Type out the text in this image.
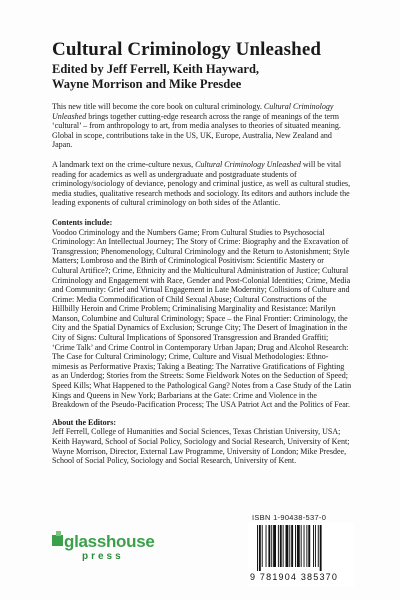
Cultural Criminology Unleashed

Edited by Jeff Ferrell, Keith Hayward,
Wayne Morrison and Mike Presdee

This new title will become the core book on cultural criminology. Cultural Criminology Unleashed brings together cutting-edge research across the range of meanings of the term ‘cultural’ – from anthropology to art, from media analyses to theories of situated meaning. Global in scope, contributions take in the US, UK, Europe, Australia, New Zealand and Japan.

A landmark text on the crime-culture nexus, Cultural Criminology Unleashed will be vital reading for academics as well as undergraduate and postgraduate students of criminology/sociology of deviance, penology and criminal justice, as well as cultural studies, media studies, qualitative research methods and sociology. Its editors and authors include the leading exponents of cultural criminology on both sides of the Atlantic.

Contents include:

Voodoo Criminology and the Numbers Game; From Cultural Studies to Psychosocial Criminology: An Intellectual Journey; The Story of Crime: Biography and the Excavation of Transgression; Phenomenology, Cultural Criminology and the Return to Astonishment; Style Matters; Lombroso and the Birth of Criminological Positivism: Scientific Mastery or Cultural Artifice?; Crime, Ethnicity and the Multicultural Administration of Justice; Cultural Criminology and Engagement with Race, Gender and Post-Colonial Identities; Crime, Media and Community: Grief and Virtual Engagement in Late Modernity; Collisions of Culture and Crime: Media Commodification of Child Sexual Abuse; Cultural Constructions of the Hillbilly Heroin and Crime Problem; Criminalising Marginality and Resistance: Marilyn Manson, Columbine and Cultural Criminology; Space – the Final Frontier: Criminology, the City and the Spatial Dynamics of Exclusion; Scrunge City; The Desert of Imagination in the City of Signs: Cultural Implications of Sponsored Transgression and Branded Graffiti; ‘Crime Talk’ and Crime Control in Contemporary Urban Japan; Drug and Alcohol Research: The Case for Cultural Criminology; Crime, Culture and Visual Methodologies: Ethno-mimesis as Performative Praxis; Taking a Beating: The Narrative Gratifications of Fighting as an Underdog; Stories from the Streets: Some Fieldwork Notes on the Seduction of Speed; Speed Kills; What Happened to the Pathological Gang? Notes from a Case Study of the Latin Kings and Queens in New York; Barbarians at the Gate: Crime and Violence in the Breakdown of the Pseudo-Pacification Process; The USA Patriot Act and the Politics of Fear.

About the Editors:

Jeff Ferrell, College of Humanities and Social Sciences, Texas Christian University, USA; Keith Hayward, School of Social Policy, Sociology and Social Research, University of Kent; Wayne Morrison, Director, External Law Programme, University of London; Mike Presdee, School of Social Policy, Sociology and Social Research, University of Kent.

glasshouse
press
ISBN 1-90438-537-0
9 781904 385370
